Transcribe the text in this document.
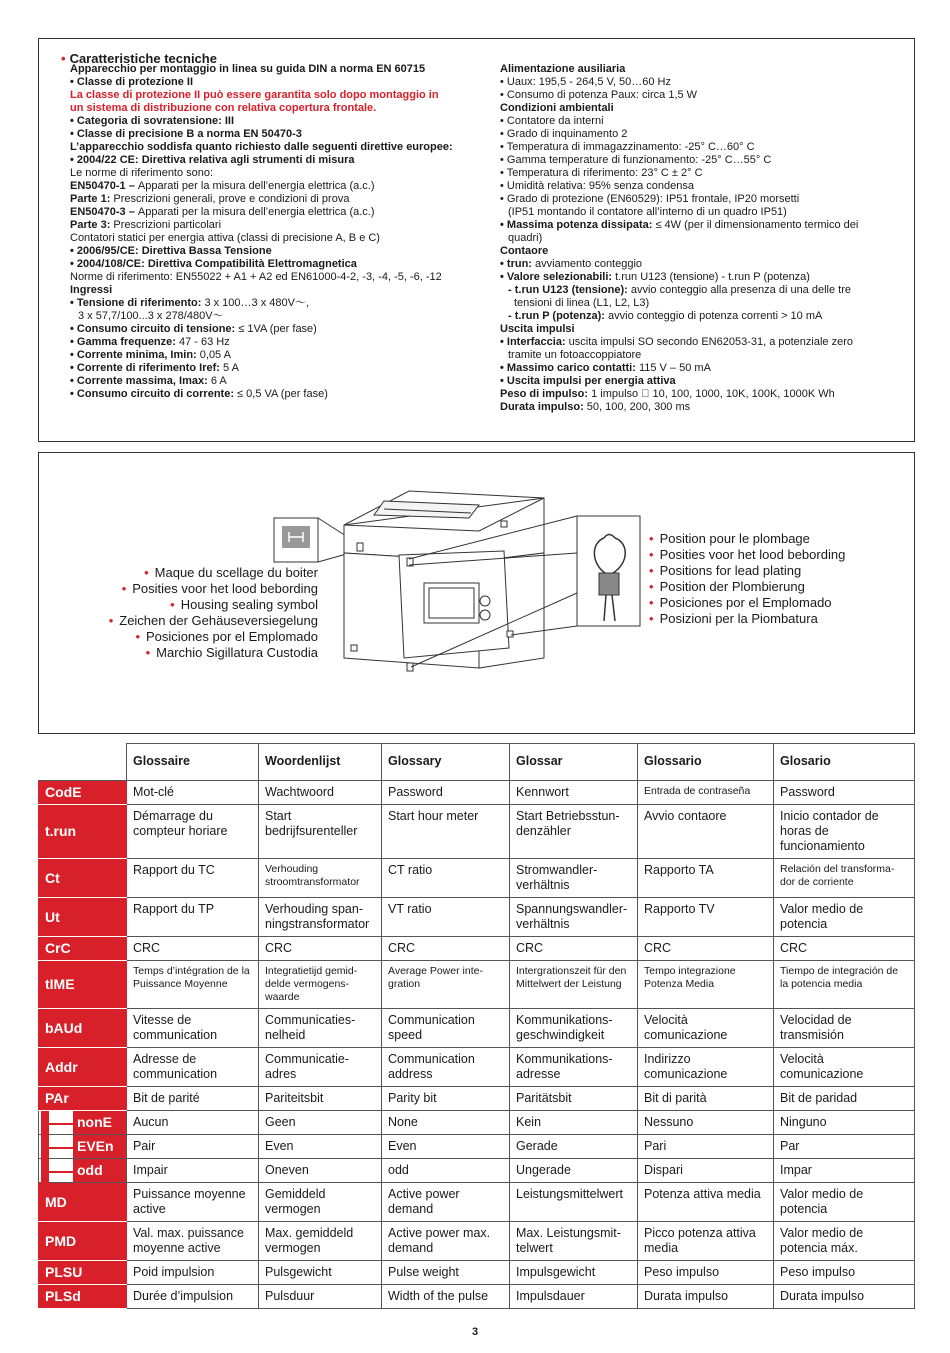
• Caratteristiche tecniche
Apparecchio per montaggio in linea su guida DIN a norma EN 60715
• Classe di protezione II
La classe di protezione II può essere garantita solo dopo montaggio in
un sistema di distribuzione con relativa copertura frontale.
• Categoria di sovratensione: III
• Classe di precisione B a norma EN 50470-3
L’apparecchio soddisfa quanto richiesto dalle seguenti direttive europee:
• 2004/22 CE: Direttiva relativa agli strumenti di misura
Le norme di riferimento sono:
EN50470-1 – Apparati per la misura dell’energia elettrica (a.c.)
Parte 1: Prescrizioni generali, prove e condizioni di prova
EN50470-3 – Apparati per la misura dell’energia elettrica (a.c.)
Parte 3: Prescrizioni particolari
Contatori statici per energia attiva (classi di precisione A, B e C)
• 2006/95/CE: Direttiva Bassa Tensione
• 2004/108/CE: Direttiva Compatibilità Elettromagnetica
Norme di riferimento: EN55022 + A1 + A2 ed EN61000-4-2, -3, -4, -5, -6, -12
Ingressi
• Tensione di riferimento: 3 x 100…3 x 480V～,
3 x 57,7/100...3 x 278/480V～
• Consumo circuito di tensione: ≤ 1VA (per fase)
• Gamma frequenze: 47 - 63 Hz
• Corrente minima, Imin: 0,05 A
• Corrente di riferimento Iref: 5 A
• Corrente massima, Imax: 6 A
• Consumo circuito di corrente: ≤ 0,5 VA (per fase)
Alimentazione ausiliaria
• Uaux: 195,5 - 264,5 V, 50…60 Hz
• Consumo di potenza Paux: circa 1,5 W
Condizioni ambientali
• Contatore da interni
• Grado di inquinamento 2
• Temperatura di immagazzinamento: -25° C…60° C
• Gamma temperature di funzionamento: -25° C…55° C
• Temperatura di riferimento: 23° C ± 2° C
• Umidità relativa: 95% senza condensa
• Grado di protezione (EN60529): IP51 frontale, IP20 morsetti
(IP51 montando il contatore all’interno di un quadro IP51)
• Massima potenza dissipata: ≤ 4W (per il dimensionamento termico dei
quadri)
Contaore
• trun: avviamento conteggio
• Valore selezionabili: t.run U123 (tensione) - t.run P (potenza)
- t.run U123 (tensione): avvio conteggio alla presenza di una delle tre
tensioni di linea (L1, L2, L3)
- t.run P (potenza): avvio conteggio di potenza correnti > 10 mA
Uscita impulsi
• Interfaccia: uscita impulsi SO secondo EN62053-31, a potenziale zero
tramite un fotoaccoppiatore
• Massimo carico contatti: 115 V – 50 mA
• Uscita impulsi per energia attiva
Peso di impulso: 1 impulso ⃞ 10, 100, 1000, 10K, 100K, 1000K Wh
Durata impulso: 50, 100, 200, 300 ms
• Maque du scellage du boiter
• Posities voor het lood bebording
• Housing sealing symbol
• Zeichen der Gehäuseversiegelung
• Posiciones por el Emplomado
• Marchio Sigillatura Custodia
• Position pour le plombage
• Posities voor het lood bebording
• Positions for lead plating
• Position der Plombierung
• Posiciones por el Emplomado
• Posizioni per la Piombatura
	Glossaire	Woordenlijst	Glossary	Glossar	Glossario	Glosario
CodE	Mot-clé	Wachtwoord	Password	Kennwort	Entrada de contraseña	Password
t.run	Démarrage du compteur horiare	Start bedrijfsurenteller	Start hour meter	Start Betriebsstun-denzähler	Avvio contaore	Inicio contador de horas de funcionamiento
Ct	Rapport du TC	Verhouding stroomtransformator	CT ratio	Stromwandler-verhältnis	Rapporto TA	Relación del transforma-dor de corriente
Ut	Rapport du TP	Verhouding span-ningstransformator	VT ratio	Spannungswandler-verhältnis	Rapporto TV	Valor medio de potencia
CrC	CRC	CRC	CRC	CRC	CRC	CRC
tIME	Temps d’intégration de la Puissance Moyenne	Integratietijd gemid-delde vermogens-waarde	Average Power inte-gration	Intergrationszeit für den Mittelwert der Leistung	Tempo integrazione Potenza Media	Tiempo de integración de la potencia media
bAUd	Vitesse de communication	Communicaties-nelheid	Communication speed	Kommunikations-geschwindigkeit	Velocità comunicazione	Velocidad de transmisión
Addr	Adresse de communication	Communicatie-adres	Communication address	Kommunikations-adresse	Indirizzo comunicazione	Velocità comunicazione
PAr	Bit de parité	Pariteitsbit	Parity bit	Paritätsbit	Bit di parità	Bit de paridad

nonE	Aucun	Geen	None	Kein	Nessuno	Ninguno

EVEn	Pair	Even	Even	Gerade	Pari	Par

odd	Impair	Oneven	odd	Ungerade	Dispari	Impar
MD	Puissance moyenne active	Gemiddeld vermogen	Active power demand	Leistungsmittelwert	Potenza attiva media	Valor medio de potencia
PMD	Val. max. puissance moyenne active	Max. gemiddeld vermogen	Active power max. demand	Max. Leistungsmit-telwert	Picco potenza attiva media	Valor medio de potencia máx.
PLSU	Poid impulsion	Pulsgewicht	Pulse weight	Impulsgewicht	Peso impulso	Peso impulso
PLSd	Durée d’impulsion	Pulsduur	Width of the pulse	Impulsdauer	Durata impulso	Durata impulso
3
